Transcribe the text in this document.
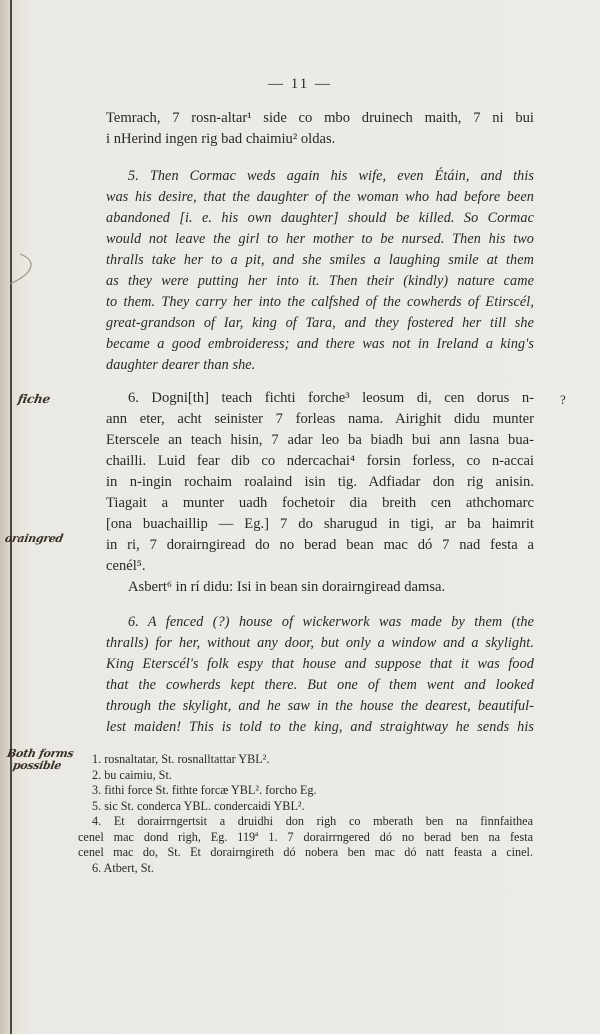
— 11 —
Temrach, 7 rosn-altar¹ side co mbo druinech maith, 7 ni bui
i nHerind ingen rig bad chaimiu² oldas.
5. Then Cormac weds again his wife, even Étáin, and this
was his desire, that the daughter of the woman who had before been
abandoned [i. e. his own daughter] should be killed. So Cormac
would not leave the girl to her mother to be nursed. Then his two
thralls take her to a pit, and she smiles a laughing smile at them
as they were putting her into it. Then their (kindly) nature came
to them. They carry her into the calfshed of the cowherds of Etirscél,
great-grandson of Iar, king of Tara, and they fostered her till she
became a good embroideress; and there was not in Ireland a king's
daughter dearer than she.
6. Dogni[th] teach fichti forche³ leosum di, cen dorus n-
ann eter, acht seinister 7 forleas nama. Airighit didu munter
Eterscele an teach hisin, 7 adar leo ba biadh bui ann lasna bua-
chailli. Luid fear dib co ndercachai⁴ forsin forless, co n-accai
in n-ingin rochaim roalaind isin tig. Adfiadar don rig anisin.
Tiagait a munter uadh fochetoir dia breith cen athchomarc
[ona buachaillip — Eg.] 7 do sharugud in tigi, ar ba haimrit
in ri, 7 dorairngiread do no berad bean mac dó 7 nad festa a
cenél⁵.
Asbert⁶ in rí didu: Isi in bean sin dorairngiread damsa.
6. A fenced (?) house of wickerwork was made by them (the
thralls) for her, without any door, but only a window and a skylight.
King Eterscél's folk espy that house and suppose that it was food
that the cowherds kept there. But one of them went and looked
through the skylight, and he saw in the house the dearest, beautiful-
lest maiden! This is told to the king, and straightway he sends his
1. rosnaltatar, St. rosnalltattar YBL².
2. bu caimiu, St.
3. fithi force St. fithte forcæ YBL². forcho Eg.
5. sic St. conderca YBL. condercaidi YBL².
4. Et dorairrngertsit a druidhi don righ co mberath ben na finnfaithea
cenel mac dond righ, Eg. 119ª 1. 7 dorairrngered dó no berad ben na festa
cenel mac do, St. Et dorairngireth dó nobera ben mac dó natt feasta a cinel.
6. Atbert, St.
fiche
oraingred
Both forms
possible
?
